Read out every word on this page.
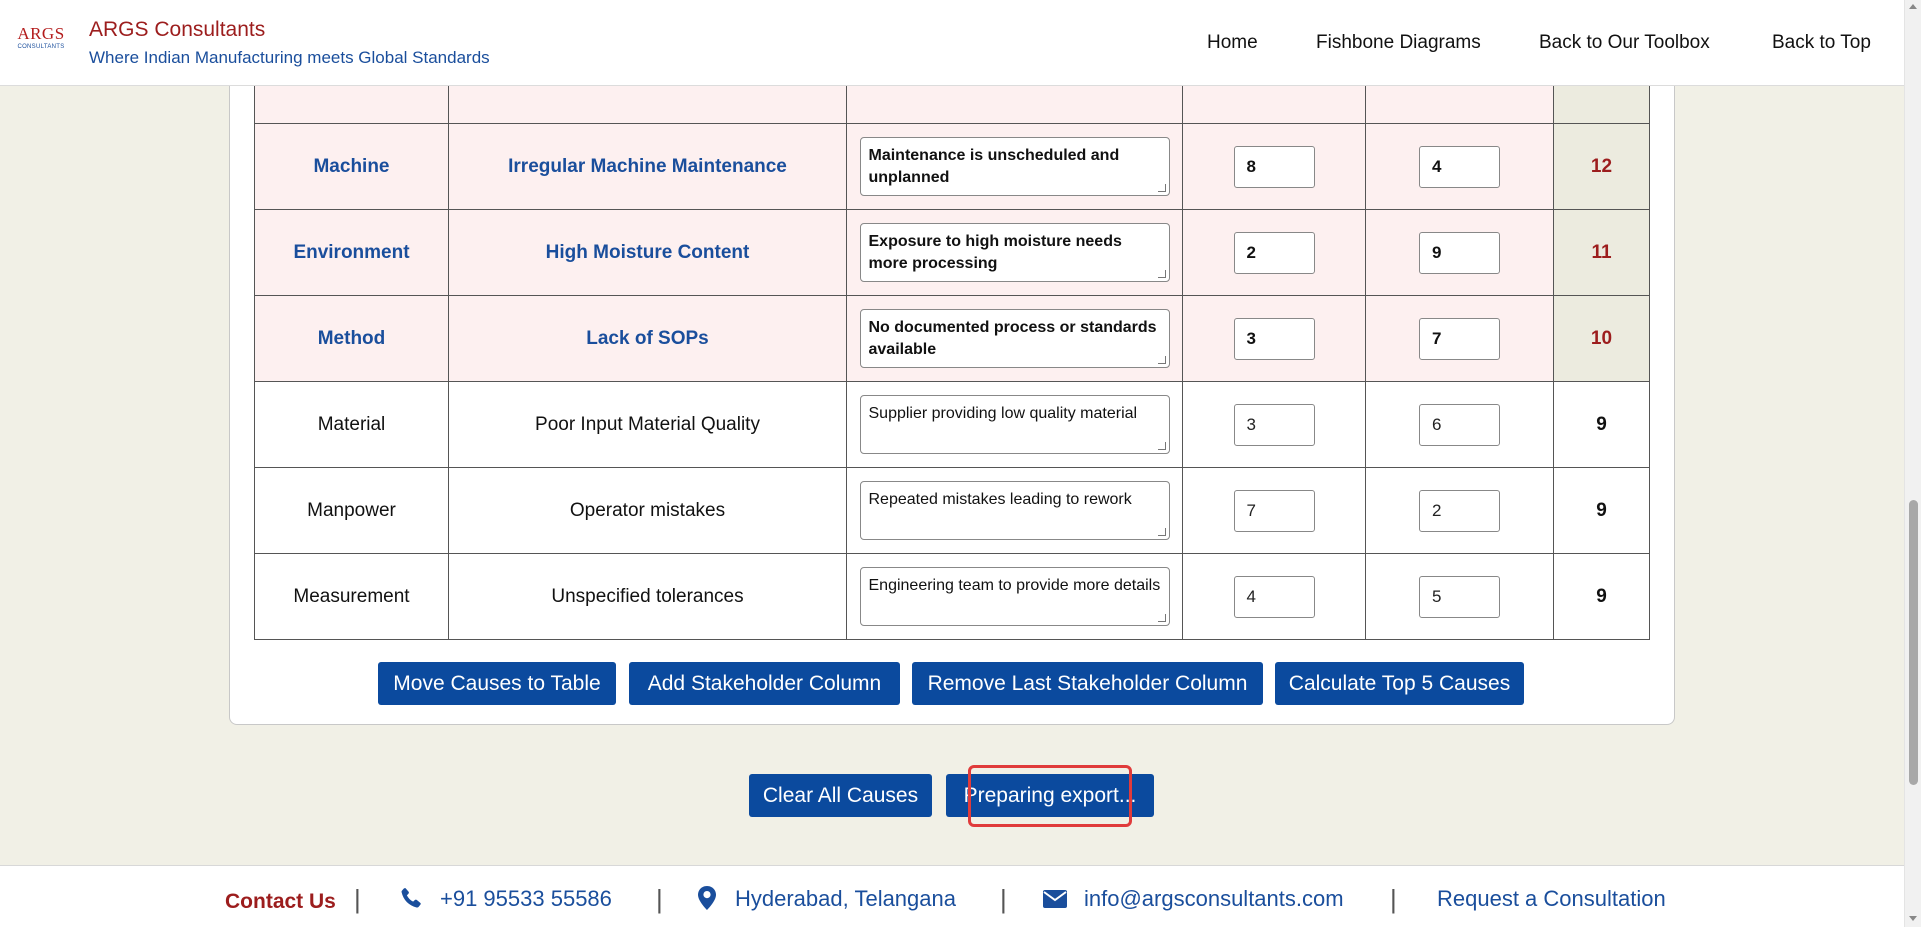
Machine	Irregular Machine Maintenance	Maintenance is unscheduled and unplanned	8	4	12
Environment	High Moisture Content	Exposure to high moisture needs more processing	2	9	11
Method	Lack of SOPs	No documented process or standards available	3	7	10
Material	Poor Input Material Quality	Supplier providing low quality material	3	6	9
Manpower	Operator mistakes	Repeated mistakes leading to rework	7	2	9
Measurement	Unspecified tolerances	Engineering team to provide more details	4	5	9
Move Causes to Table	Add Stakeholder Column	Remove Last Stakeholder Column	Calculate Top 5 Causes
Clear All Causes	Preparing export...
ARGS
CONSULTANTS
ARGS Consultants
Where Indian Manufacturing meets Global Standards
Home	Fishbone Diagrams	Back to Our Toolbox	Back to Top
Contact Us |	+91 95533 55586 |	Hyderabad, Telangana |	info@argsconsultants.com | Request a Consultation
